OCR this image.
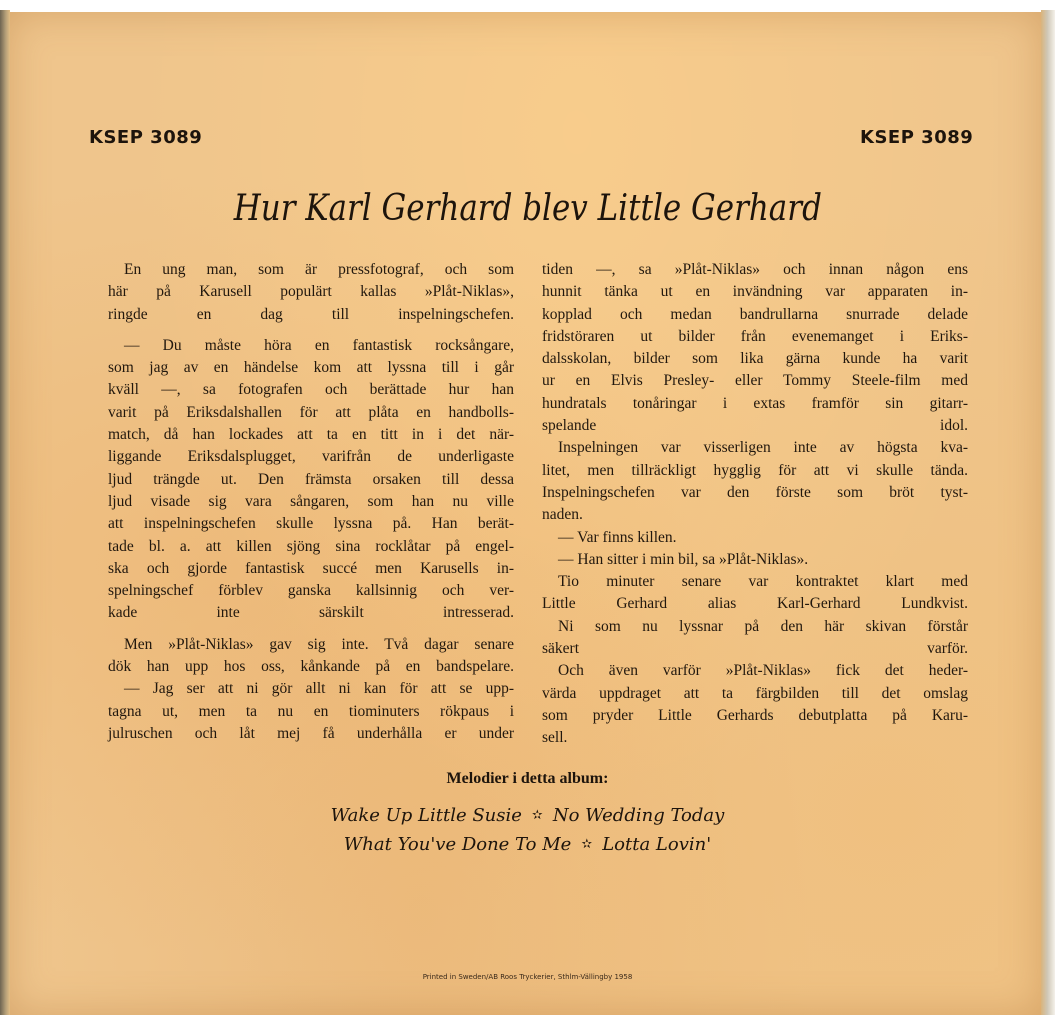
KSEP 3089	KSEP 3089

Hur Karl Gerhard blev Little Gerhard

En ung man, som är pressfotograf, och som
här på Karusell populärt kallas »Plåt-Niklas»,
ringde en dag till inspelningschefen.

— Du måste höra en fantastisk rocksångare,
som jag av en händelse kom att lyssna till i går
kväll —, sa fotografen och berättade hur han
varit på Eriksdalshallen för att plåta en handbolls-
match, då han lockades att ta en titt in i det när-
liggande Eriksdalsplugget, varifrån de underligaste
ljud trängde ut. Den främsta orsaken till dessa
ljud visade sig vara sångaren, som han nu ville
att inspelningschefen skulle lyssna på. Han berät-
tade bl. a. att killen sjöng sina rocklåtar på engel-
ska och gjorde fantastisk succé men Karusells in-
spelningschef förblev ganska kallsinnig och ver-
kade inte särskilt intresserad.

Men »Plåt-Niklas» gav sig inte. Två dagar senare
dök han upp hos oss, kånkande på en bandspelare.

— Jag ser att ni gör allt ni kan för att se upp-
tagna ut, men ta nu en tiominuters rökpaus i
julruschen och låt mej få underhålla er under

tiden —, sa »Plåt-Niklas» och innan någon ens
hunnit tänka ut en invändning var apparaten in-
kopplad och medan bandrullarna snurrade delade
fridstöraren ut bilder från evenemanget i Eriks-
dalsskolan, bilder som lika gärna kunde ha varit
ur en Elvis Presley- eller Tommy Steele-film med
hundratals tonåringar i extas framför sin gitarr-
spelande idol.

Inspelningen var visserligen inte av högsta kva-
litet, men tillräckligt hygglig för att vi skulle tända.
Inspelningschefen var den förste som bröt tyst-
naden.

— Var finns killen.

— Han sitter i min bil, sa »Plåt-Niklas».

Tio minuter senare var kontraktet klart med
Little Gerhard alias Karl-Gerhard Lundkvist.

Ni som nu lyssnar på den här skivan förstår
säkert varför.

Och även varför »Plåt-Niklas» fick det heder-
värda uppdraget att ta färgbilden till det omslag
som pryder Little Gerhards debutplatta på Karu-
sell.

Melodier i detta album:

Wake Up Little Susie ✫ No Wedding Today

What You've Done To Me ✫ Lotta Lovin'

Printed in Sweden/AB Roos Tryckerier, Sthlm-Vällingby 1958
